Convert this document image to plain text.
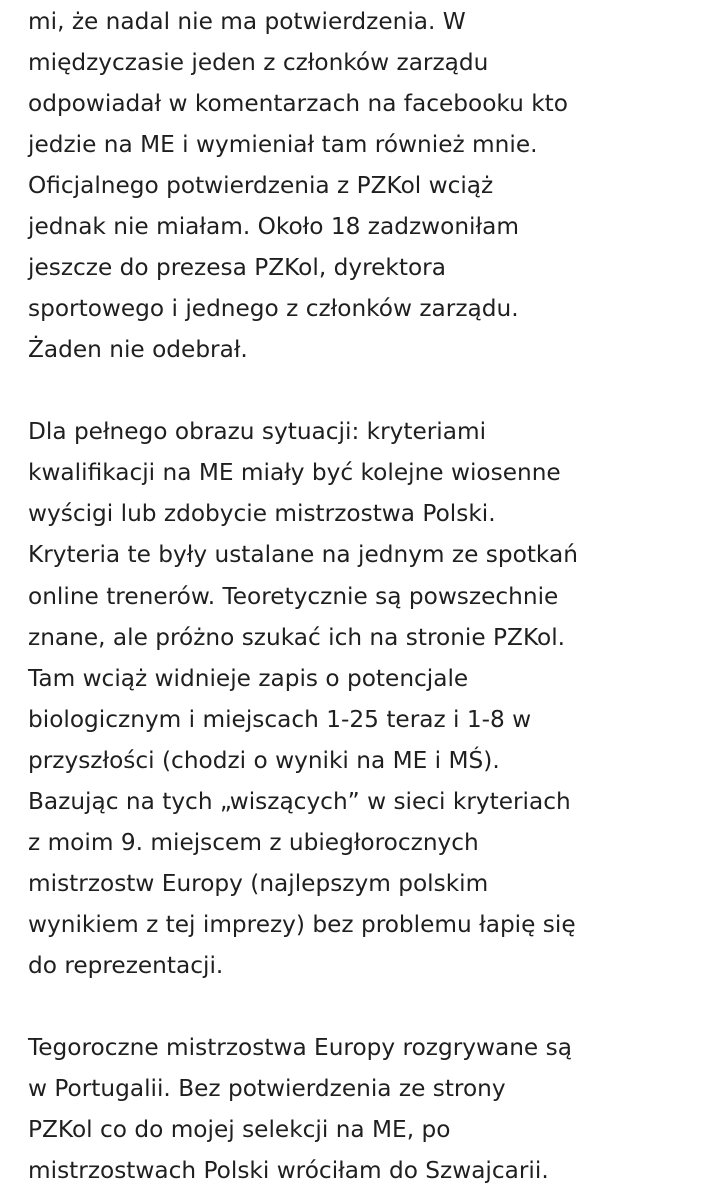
mi, że nadal nie ma potwierdzenia. W

międzyczasie jeden z członków zarządu

odpowiadał w komentarzach na facebooku kto

jedzie na ME i wymieniał tam również mnie.

Oficjalnego potwierdzenia z PZKol wciąż

jednak nie miałam. Około 18 zadzwoniłam

jeszcze do prezesa PZKol, dyrektora

sportowego i jednego z członków zarządu.

Żaden nie odebrał.

Dla pełnego obrazu sytuacji: kryteriami

kwalifikacji na ME miały być kolejne wiosenne

wyścigi lub zdobycie mistrzostwa Polski.

Kryteria te były ustalane na jednym ze spotkań

online trenerów. Teoretycznie są powszechnie

znane, ale próżno szukać ich na stronie PZKol.

Tam wciąż widnieje zapis o potencjale

biologicznym i miejscach 1-25 teraz i 1-8 w

przyszłości (chodzi o wyniki na ME i MŚ).

Bazując na tych „wiszących” w sieci kryteriach

z moim 9. miejscem z ubiegłorocznych

mistrzostw Europy (najlepszym polskim

wynikiem z tej imprezy) bez problemu łapię się

do reprezentacji.

Tegoroczne mistrzostwa Europy rozgrywane są

w Portugalii. Bez potwierdzenia ze strony

PZKol co do mojej selekcji na ME, po

mistrzostwach Polski wróciłam do Szwajcarii.
